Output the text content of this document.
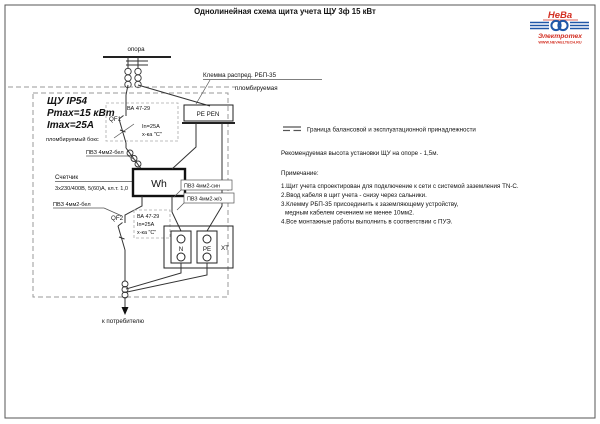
Однолинейная схема щита учета ЩУ 3ф 15 кВт	НеВа
Электротех
WWW.NEVAELTECH.RU
опора
ЩУ IP54
Pmax=15 кВт
Imax=25A
пломбируемый бокс
Клемма распред. РБП-35
пломбируемая
PE PEN
ВА 47-29
QF1
In=25A
х-ка "С"
ПВЗ 4мм2-бел
Счетчик
3х230/400В, 5(60)А, кл.т. 1,0 Wh	ПВЗ 4мм2-син
ПВЗ 4мм2-ж/з
ПВЗ 4мм2-бел
QF2	ВА 47-29
In=25A
х-ка "С"
N	PE XT
к потребителю
Граница балансовой и эксплуатационной принадлежности
Рекомендуемая высота установки ЩУ на опоре - 1,5м.
Примечание:
1.Щит учета спроектирован для подключение к сети с системой заземления TN-C.
2.Ввод кабеля в щит учета - снизу через сальники.
3.Клемму РБП-35 присоединить к заземляющему устройству,
медным кабелем сечением не менее 10мм2.
4.Все монтажные работы выполнить в соответствии с ПУЭ.
